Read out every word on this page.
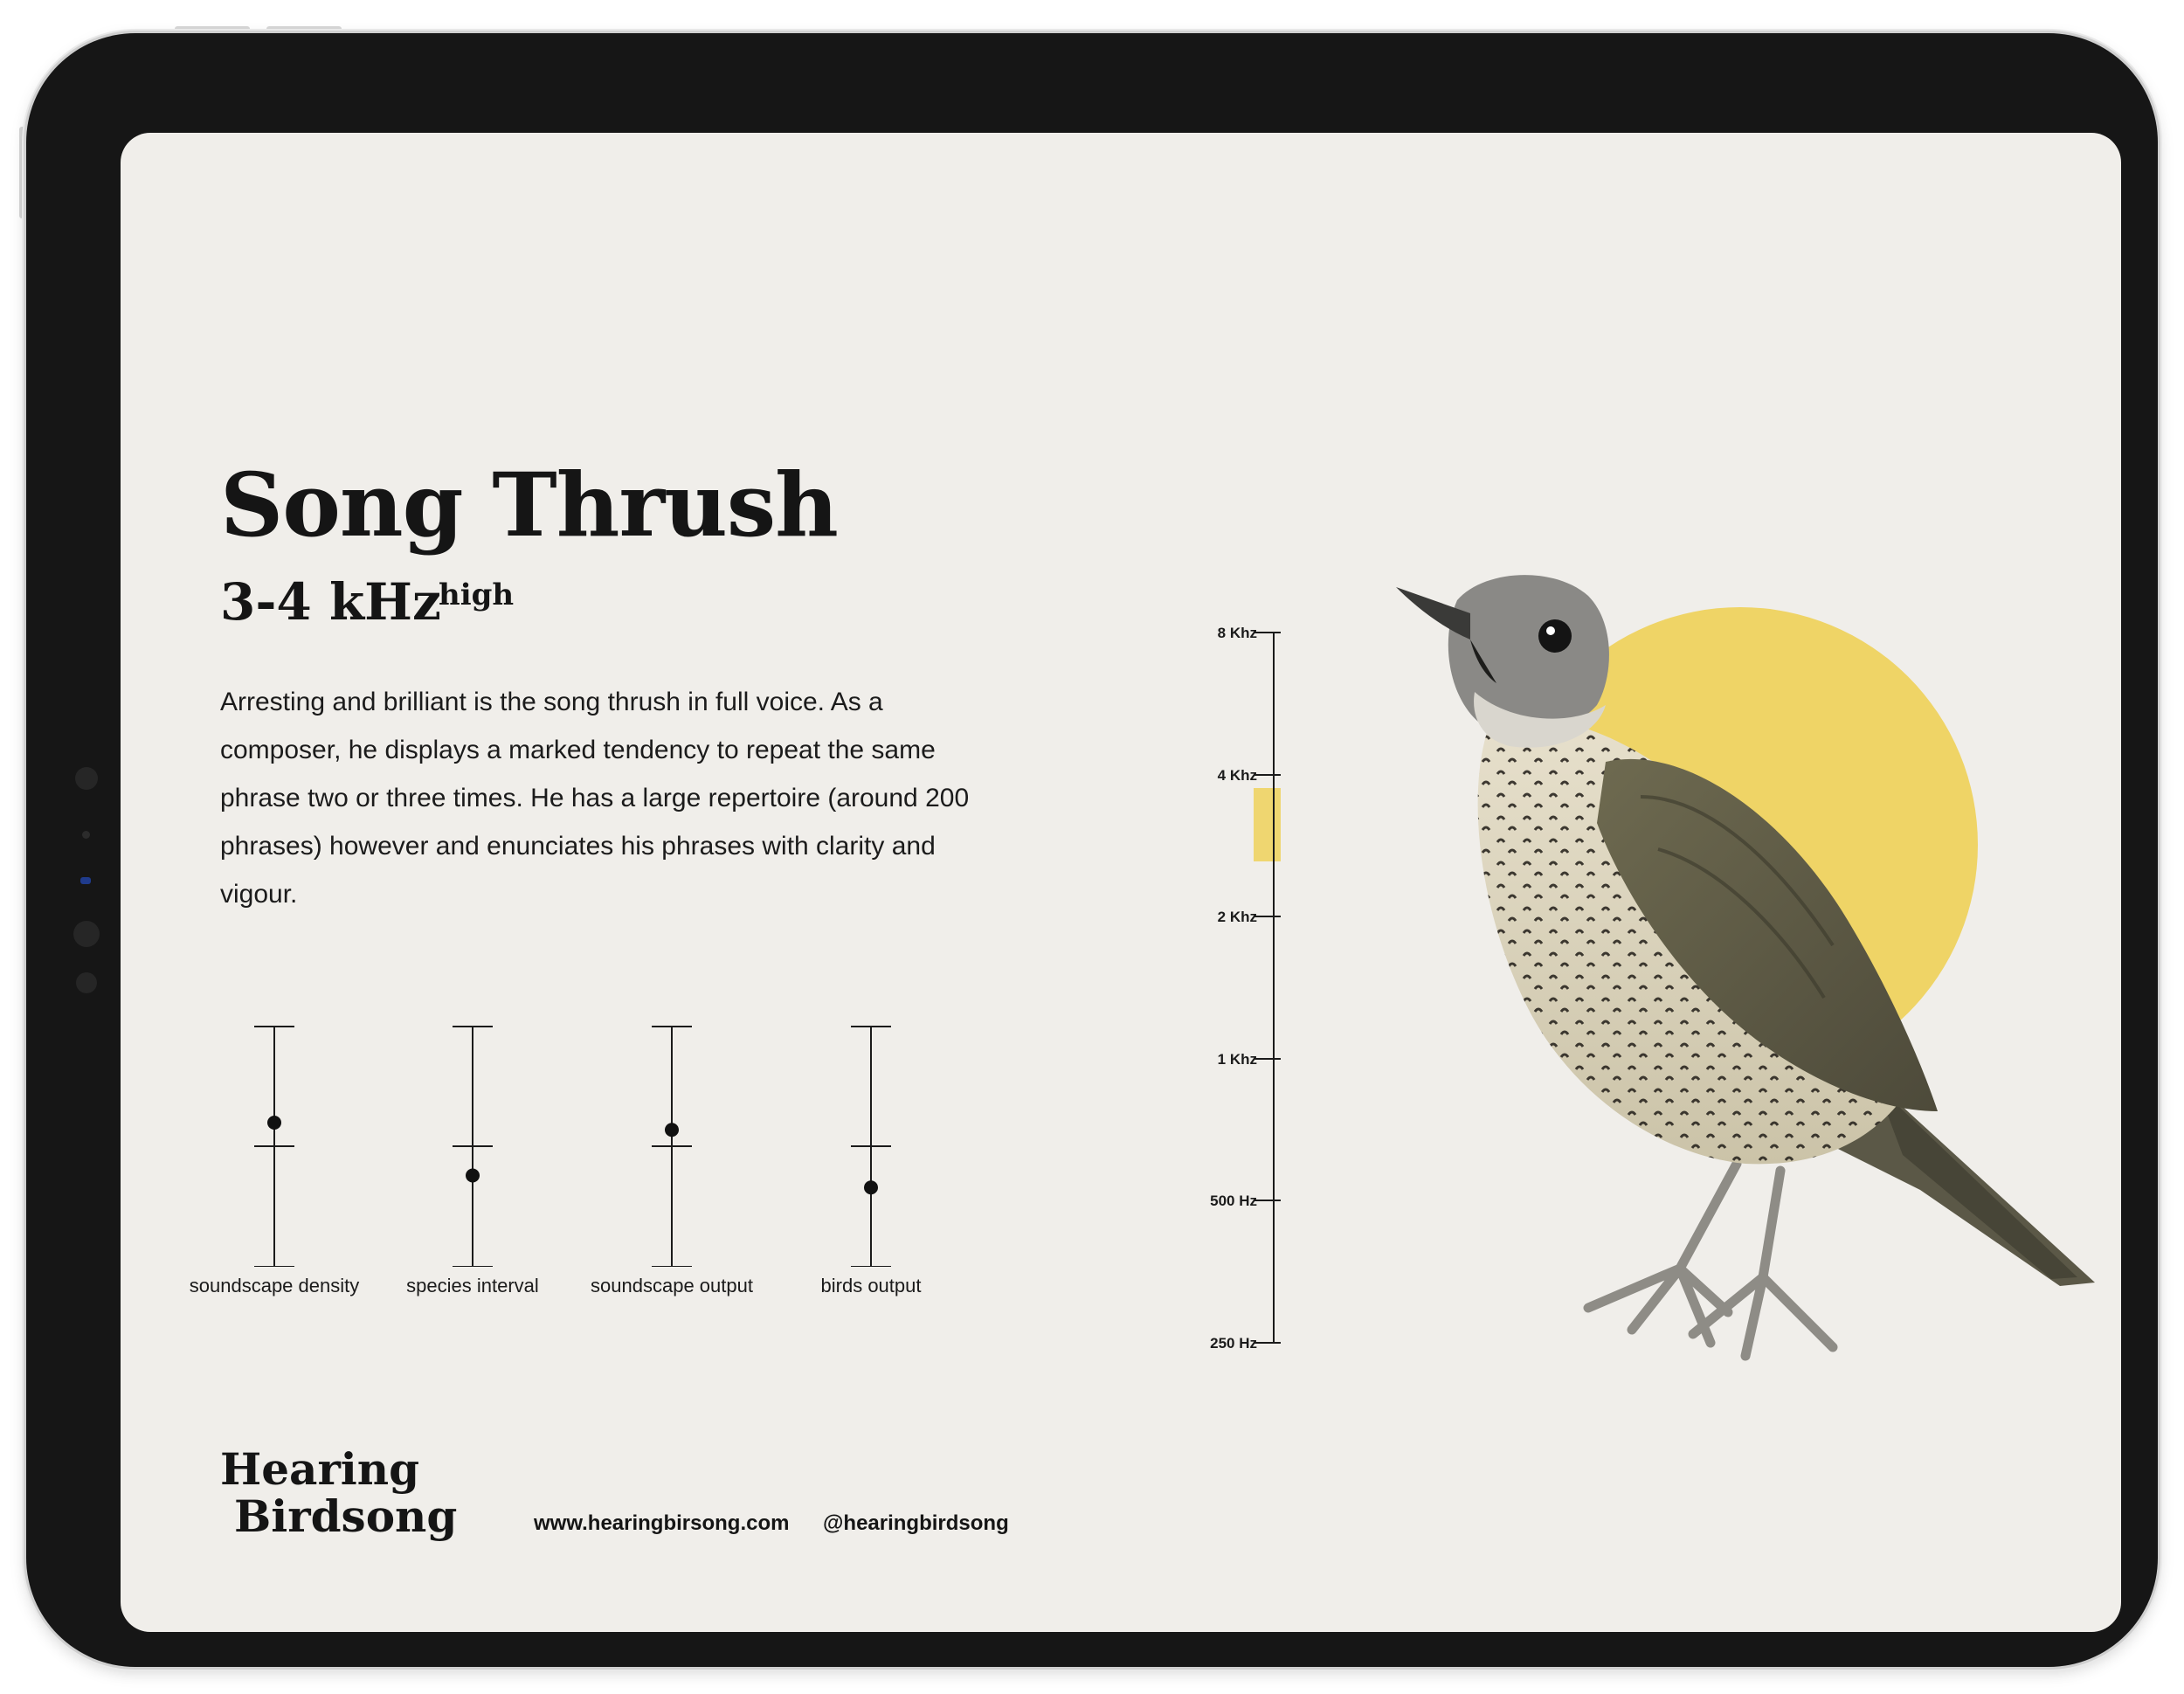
Song Thrush
3-4 kHz
high

Arresting and brilliant is the song thrush in full voice. As a composer, he displays a marked tendency to repeat the same phrase two or three times. He has a large repertoire (around 200 phrases) however and enunciates his phrases with clarity and vigour.

soundscape density	species interval	soundscape output	birds output
8 Khz
4 Khz
2 Khz
1 Khz
500 Hz
250 Hz
Hearing
Birdsong	www.hearingbirsong.com @hearingbirdsong
